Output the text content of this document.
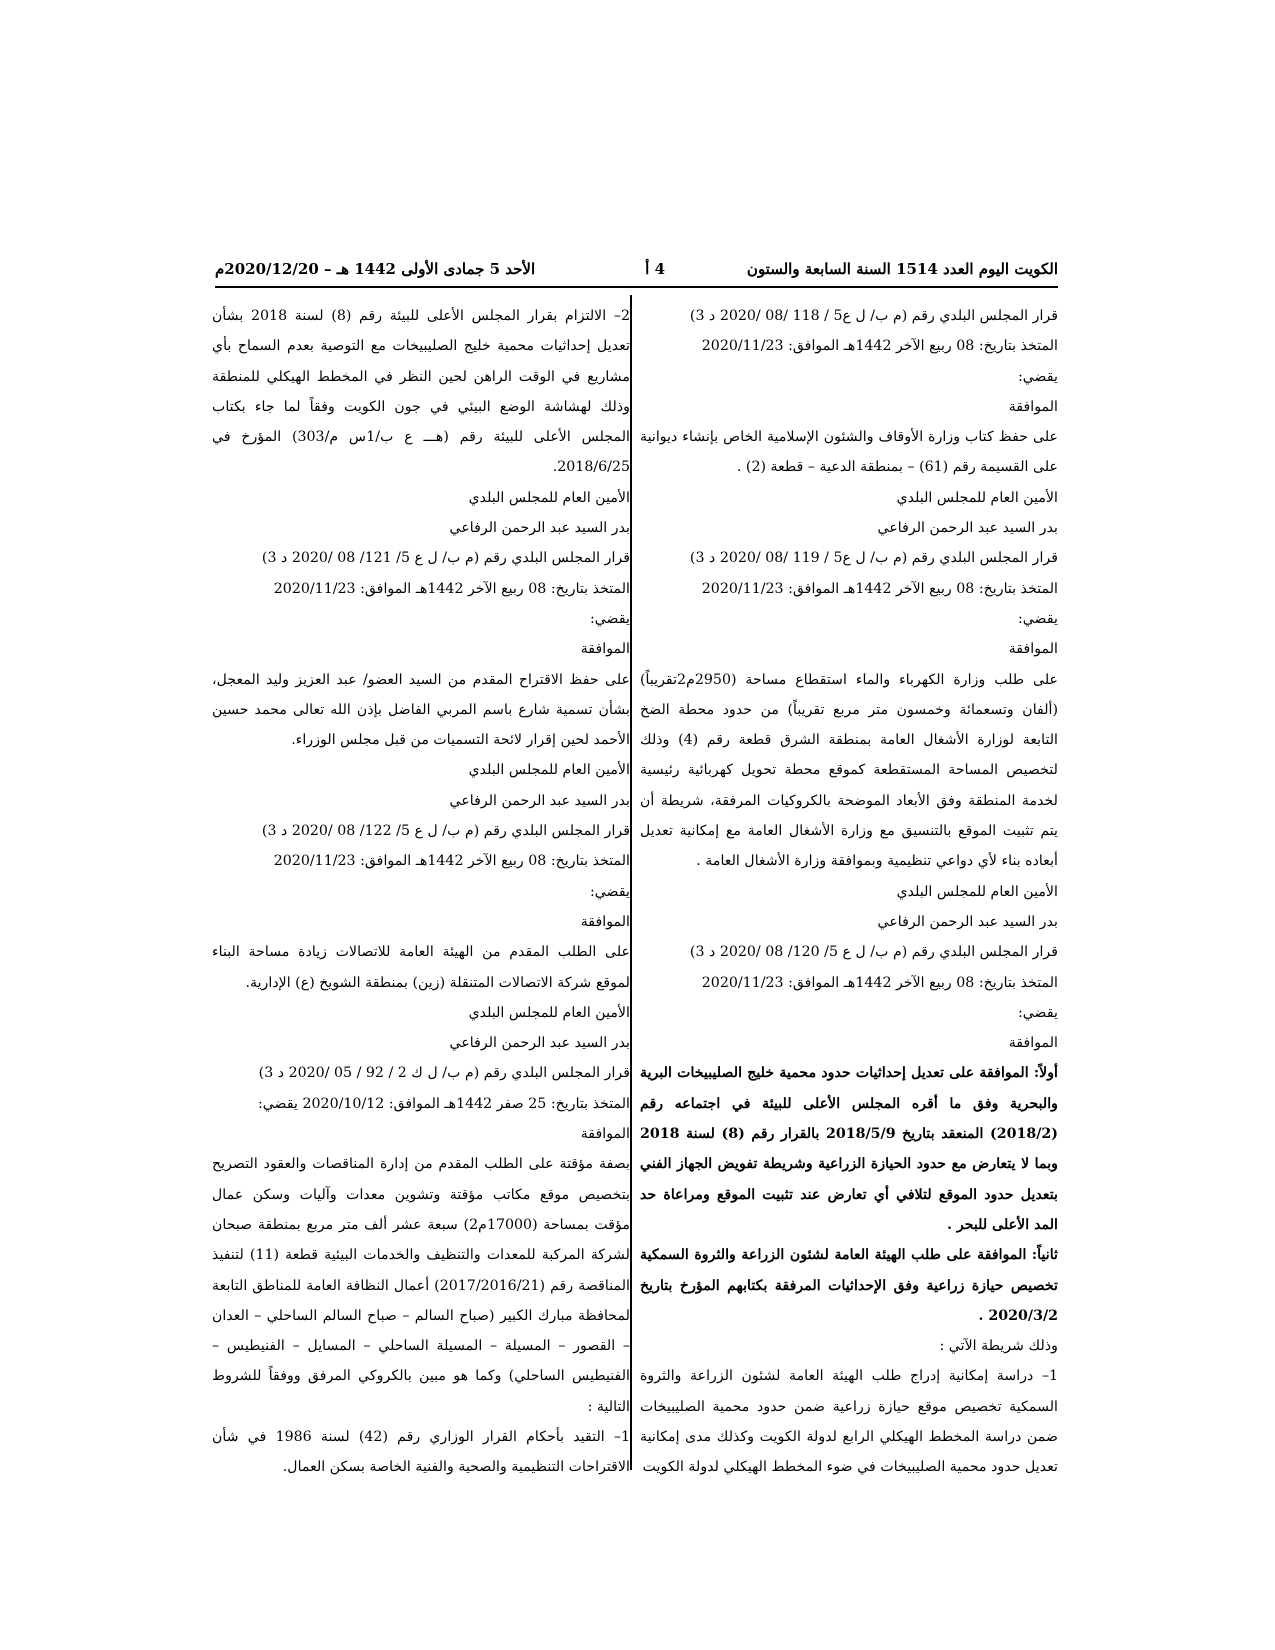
الكويت اليوم العدد 1514 السنة السابعة والستون
4 أ
الأحد 5 جمادى الأولى 1442 هـ – 2020/12/20م

قرار المجلس البلدي رقم (م ب/ ل ع5 / 118 /08 /2020 د 3)

المتخذ بتاريخ: 08 ربيع الآخر 1442هـ الموافق: 2020/11/23

يقضي:

الموافقة

على حفظ كتاب وزارة الأوقاف والشئون الإسلامية الخاص بإنشاء ديوانية على القسيمة رقم (61) – بمنطقة الدعية – قطعة (2) .

الأمين العام للمجلس البلدي

بدر السيد عبد الرحمن الرفاعي

قرار المجلس البلدي رقم (م ب/ ل ع5 / 119 /08 /2020 د 3)

المتخذ بتاريخ: 08 ربيع الآخر 1442هـ الموافق: 2020/11/23

يقضي:

الموافقة

على طلب وزارة الكهرباء والماء استقطاع مساحة (2950م2تقريباً) (ألفان وتسعمائة وخمسون متر مربع تقريباً) من حدود محطة الضخ التابعة لوزارة الأشغال العامة بمنطقة الشرق قطعة رقم (4) وذلك لتخصيص المساحة المستقطعة كموقع محطة تحويل كهربائية رئيسية لخدمة المنطقة وفق الأبعاد الموضحة بالكروكيات المرفقة، شريطة أن يتم تثبيت الموقع بالتنسيق مع وزارة الأشغال العامة مع إمكانية تعديل أبعاده بناء لأي دواعي تنظيمية وبموافقة وزارة الأشغال العامة .

الأمين العام للمجلس البلدي

بدر السيد عبد الرحمن الرفاعي

قرار المجلس البلدي رقم (م ب/ ل ع 5/ 120/ 08 /2020 د 3)

المتخذ بتاريخ: 08 ربيع الآخر 1442هـ الموافق: 2020/11/23

يقضي:

الموافقة

أولاً: الموافقة على تعديل إحداثيات حدود محمية خليج الصليبيخات البرية والبحرية وفق ما أقره المجلس الأعلى للبيئة في اجتماعه رقم (2018/2) المنعقد بتاريخ 2018/5/9 بالقرار رقم (8) لسنة 2018 وبما لا يتعارض مع حدود الحيازة الزراعية وشريطة تفويض الجهاز الفني بتعديل حدود الموقع لتلافي أي تعارض عند تثبيت الموقع ومراعاة حد المد الأعلى للبحر .

ثانياً: الموافقة على طلب الهيئة العامة لشئون الزراعة والثروة السمكية تخصيص حيازة زراعية وفق الإحداثيات المرفقة بكتابهم المؤرخ بتاريخ 2020/3/2 .

وذلك شريطة الآتي :

1– دراسة إمكانية إدراج طلب الهيئة العامة لشئون الزراعة والثروة السمكية تخصيص موقع حيازة زراعية ضمن حدود محمية الصليبيخات ضمن دراسة المخطط الهيكلي الرابع لدولة الكويت وكذلك مدى إمكانية تعديل حدود محمية الصليبيخات في ضوء المخطط الهيكلي لدولة الكويت

2– الالتزام بقرار المجلس الأعلى للبيئة رقم (8) لسنة 2018 بشأن تعديل إحداثيات محمية خليج الصليبيخات مع التوصية بعدم السماح بأي مشاريع في الوقت الراهن لحين النظر في المخطط الهيكلي للمنطقة وذلك لهشاشة الوضع البيئي في جون الكويت وفقاً لما جاء بكتاب المجلس الأعلى للبيئة رقم (هـــ ع ب/1س م/303) المؤرخ في 2018/6/25.

الأمين العام للمجلس البلدي

بدر السيد عبد الرحمن الرفاعي

قرار المجلس البلدي رقم (م ب/ ل ع 5/ 121/ 08 /2020 د 3)

المتخذ بتاريخ: 08 ربيع الآخر 1442هـ الموافق: 2020/11/23

يقضي:

الموافقة

على حفظ الاقتراح المقدم من السيد العضو/ عبد العزيز وليد المعجل، بشأن تسمية شارع باسم المربي الفاضل بإذن الله تعالى محمد حسين الأحمد لحين إقرار لائحة التسميات من قبل مجلس الوزراء.

الأمين العام للمجلس البلدي

بدر السيد عبد الرحمن الرفاعي

قرار المجلس البلدي رقم (م ب/ ل ع 5/ 122/ 08 /2020 د 3)

المتخذ بتاريخ: 08 ربيع الآخر 1442هـ الموافق: 2020/11/23

يقضي:

الموافقة

على الطلب المقدم من الهيئة العامة للاتصالات زيادة مساحة البناء لموقع شركة الاتصالات المتنقلة (زين) بمنطقة الشويخ (ع) الإدارية.

الأمين العام للمجلس البلدي

بدر السيد عبد الرحمن الرفاعي

قرار المجلس البلدي رقم (م ب/ ل ك 2 / 92 / 05 /2020 د 3)

المتخذ بتاريخ: 25 صفر 1442هـ الموافق: 2020/10/12 يقضي:

الموافقة

بصفة مؤقتة على الطلب المقدم من إدارة المناقصات والعقود التصريح بتخصيص موقع مكاتب مؤقتة وتشوين معدات وآليات وسكن عمال مؤقت بمساحة (17000م2) سبعة عشر ألف متر مربع بمنطقة صبحان لشركة المركبة للمعدات والتنظيف والخدمات البيئية قطعة (11) لتنفيذ المناقصة رقم (2017/2016/21) أعمال النظافة العامة للمناطق التابعة لمحافظة مبارك الكبير (صباح السالم – صباح السالم الساحلي – العدان – القصور – المسيلة – المسيلة الساحلي – المسايل – الفنيطيس – الفنيطيس الساحلي) وكما هو مبين بالكروكي المرفق ووفقاً للشروط التالية :

1– التقيد بأحكام القرار الوزاري رقم (42) لسنة 1986 في شأن الاقتراحات التنظيمية والصحية والفنية الخاصة بسكن العمال.
